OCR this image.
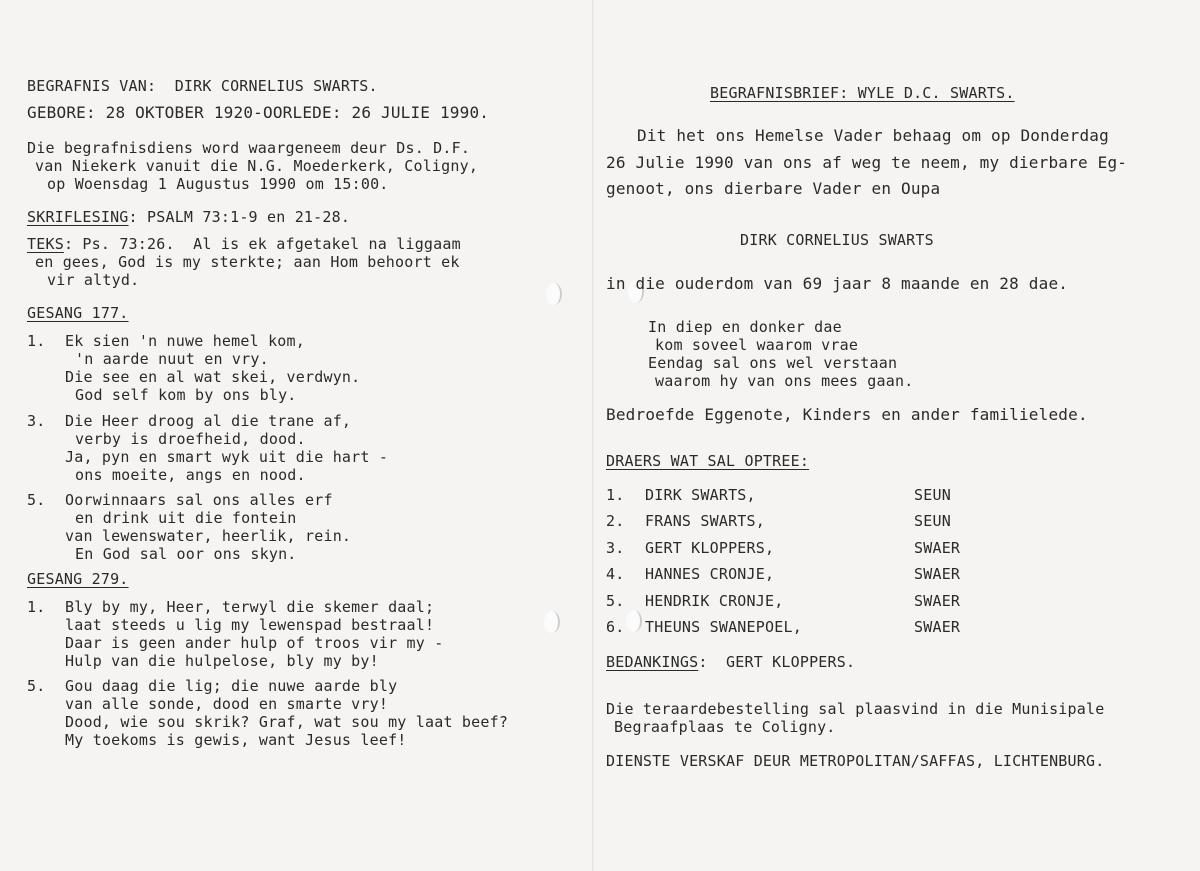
BEGRAFNIS VAN:  DIRK CORNELIUS SWARTS.
GEBORE: 28 OKTOBER 1920-OORLEDE: 26 JULIE 1990.
Die begrafnisdiens word waargeneem deur Ds. D.F.
van Niekerk vanuit die N.G. Moederkerk, Coligny,
op Woensdag 1 Augustus 1990 om 15:00.
SKRIFLESING: PSALM 73:1-9 en 21-28.
TEKS: Ps. 73:26.  Al is ek afgetakel na liggaam
en gees, God is my sterkte; aan Hom behoort ek
vir altyd.
GESANG 177.
1. Ek sien 'n nuwe hemel kom,
'n aarde nuut en vry.
Die see en al wat skei, verdwyn.
God self kom by ons bly.
3. Die Heer droog al die trane af,
verby is droefheid, dood.
Ja, pyn en smart wyk uit die hart -
ons moeite, angs en nood.
5. Oorwinnaars sal ons alles erf
en drink uit die fontein
van lewenswater, heerlik, rein.
En God sal oor ons skyn.
GESANG 279.
1. Bly by my, Heer, terwyl die skemer daal;
laat steeds u lig my lewenspad bestraal!
Daar is geen ander hulp of troos vir my -
Hulp van die hulpelose, bly my by!
5. Gou daag die lig; die nuwe aarde bly
van alle sonde, dood en smarte vry!
Dood, wie sou skrik? Graf, wat sou my laat beef?
My toekoms is gewis, want Jesus leef!
BEGRAFNISBRIEF: WYLE D.C. SWARTS.
Dit het ons Hemelse Vader behaag om op Donderdag
26 Julie 1990 van ons af weg te neem, my dierbare Eg-
genoot, ons dierbare Vader en Oupa
DIRK CORNELIUS SWARTS
in die ouderdom van 69 jaar 8 maande en 28 dae.
In diep en donker dae
kom soveel waarom vrae
Eendag sal ons wel verstaan
waarom hy van ons mees gaan.
Bedroefde Eggenote, Kinders en ander familielede.
DRAERS WAT SAL OPTREE:
1. DIRK SWARTS,	SEUN
2. FRANS SWARTS,	SEUN
3. GERT KLOPPERS,	SWAER
4. HANNES CRONJE,	SWAER
5. HENDRIK CRONJE,	SWAER
6. THEUNS SWANEPOEL,	SWAER
BEDANKINGS:  GERT KLOPPERS.
Die teraardebestelling sal plaasvind in die Munisipale
Begraafplaas te Coligny.
DIENSTE VERSKAF DEUR METROPOLITAN/SAFFAS, LICHTENBURG.
